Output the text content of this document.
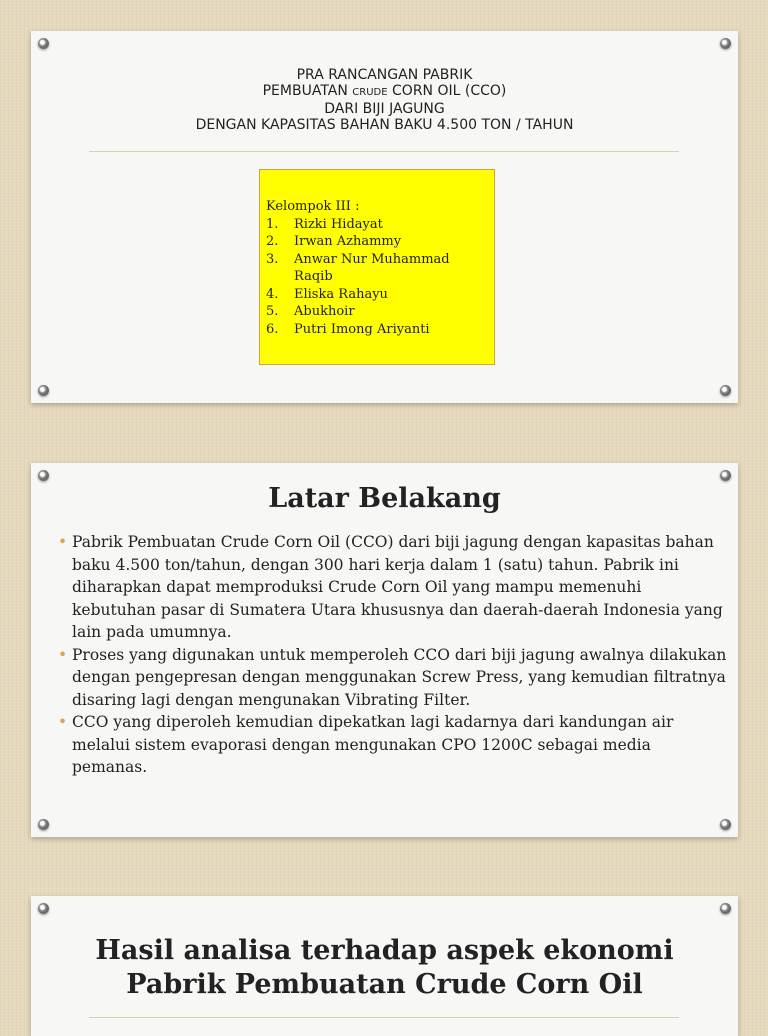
PRA RANCANGAN PABRIK
PEMBUATAN CRUDE CORN OIL (CCO)
DARI BIJI JAGUNG
DENGAN KAPASITAS BAHAN BAKU 4.500 TON / TAHUN
Kelompok III :
1.	Rizki Hidayat
2.	Irwan Azhammy
3.	Anwar Nur Muhammad Raqib
4.	Eliska Rahayu
5.	Abukhoir
6.	Putri Imong Ariyanti
Latar Belakang
• Pabrik Pembuatan Crude Corn Oil (CCO) dari biji jagung dengan kapasitas bahan baku 4.500 ton/tahun, dengan 300 hari kerja dalam 1 (satu) tahun. Pabrik ini diharapkan dapat memproduksi Crude Corn Oil yang mampu memenuhi kebutuhan pasar di Sumatera Utara khususnya dan daerah-daerah Indonesia yang lain pada umumnya.
• Proses yang digunakan untuk memperoleh CCO dari biji jagung awalnya dilakukan dengan pengepresan dengan menggunakan Screw Press, yang kemudian filtratnya disaring lagi dengan mengunakan Vibrating Filter.
• CCO yang diperoleh kemudian dipekatkan lagi kadarnya dari kandungan air melalui sistem evaporasi dengan mengunakan CPO 1200C sebagai media pemanas.
Hasil analisa terhadap aspek ekonomi
Pabrik Pembuatan Crude Corn Oil
